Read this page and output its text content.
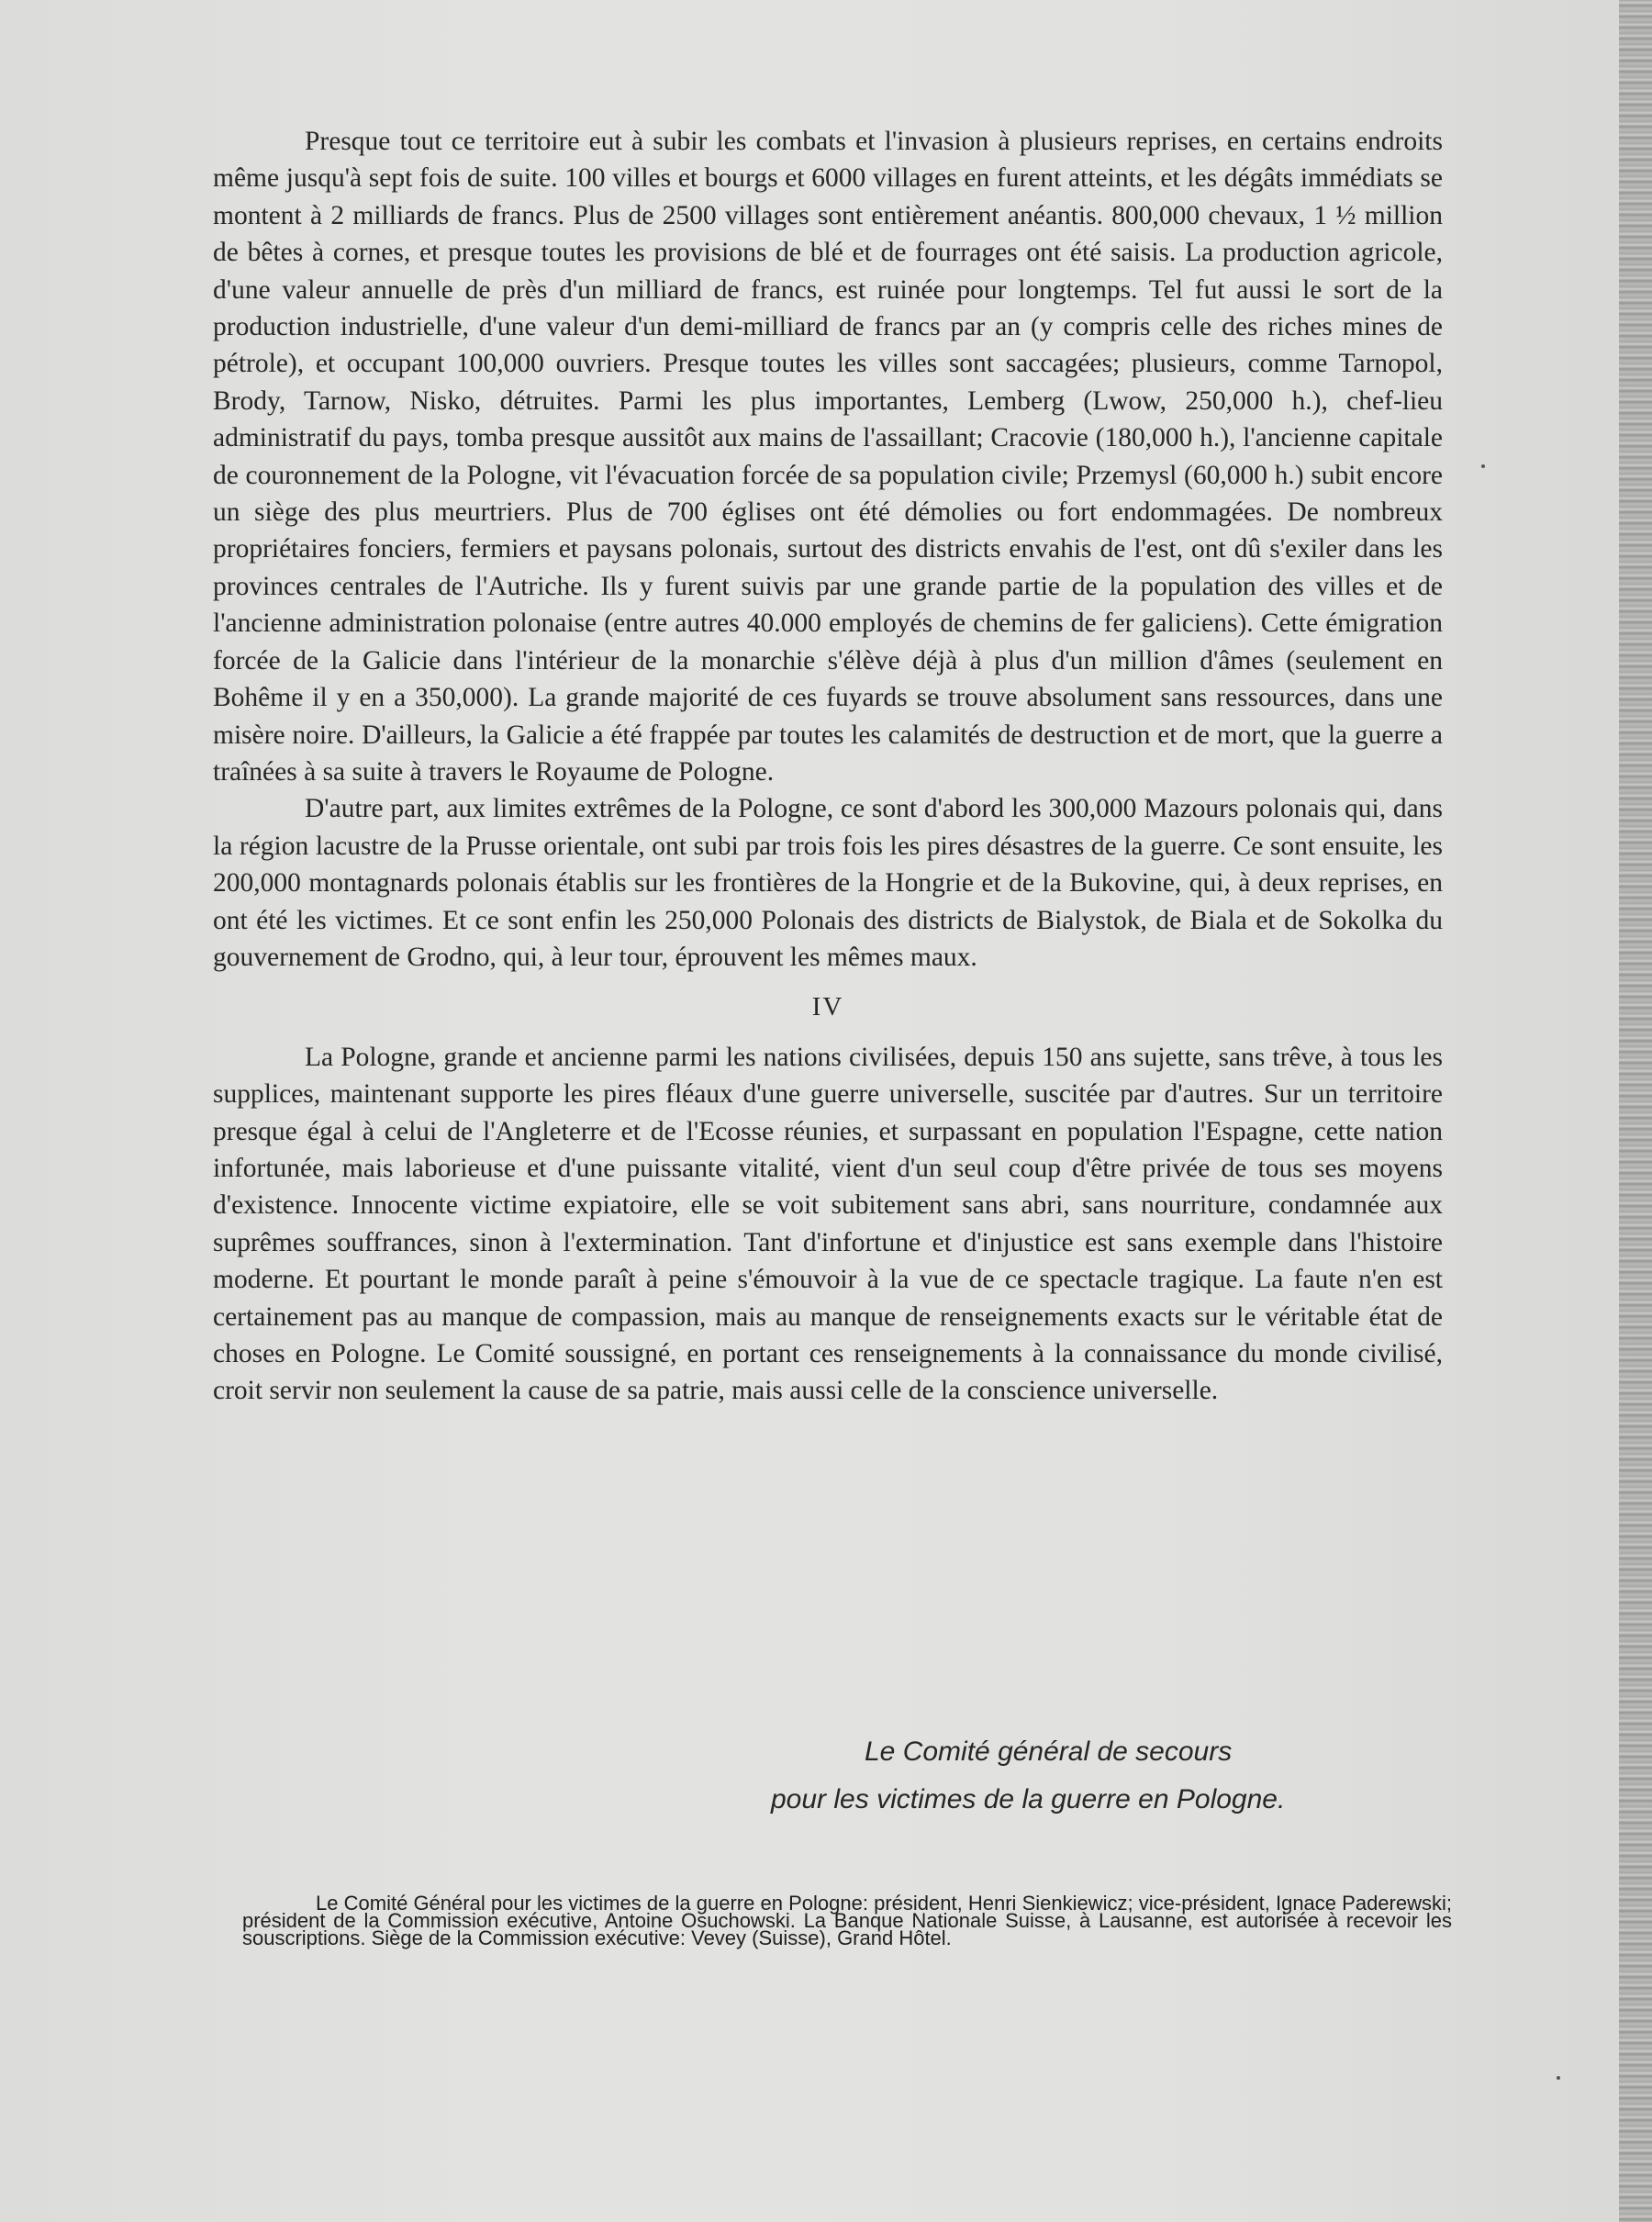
Presque tout ce territoire eut à subir les combats et l'invasion à plusieurs reprises, en certains endroits même jusqu'à sept fois de suite. 100 villes et bourgs et 6000 villages en furent atteints, et les dégâts immédiats se montent à 2 milliards de francs. Plus de 2500 villages sont entièrement anéantis. 800,000 chevaux, 1 ½ million de bêtes à cornes, et presque toutes les provisions de blé et de fourrages ont été saisis. La production agricole, d'une valeur annuelle de près d'un milliard de francs, est ruinée pour longtemps. Tel fut aussi le sort de la production industrielle, d'une valeur d'un demi-milliard de francs par an (y compris celle des riches mines de pétrole), et occupant 100,000 ouvriers. Presque toutes les villes sont saccagées; plusieurs, comme Tarnopol, Brody, Tarnow, Nisko, détruites. Parmi les plus importantes, Lemberg (Lwow, 250,000 h.), chef-lieu administratif du pays, tomba presque aussitôt aux mains de l'assaillant; Cracovie (180,000 h.), l'ancienne capitale de couronnement de la Pologne, vit l'évacuation forcée de sa population civile; Przemysl (60,000 h.) subit encore un siège des plus meurtriers. Plus de 700 églises ont été démolies ou fort endommagées. De nombreux propriétaires fonciers, fermiers et paysans polonais, surtout des districts envahis de l'est, ont dû s'exiler dans les provinces centrales de l'Autriche. Ils y furent suivis par une grande partie de la population des villes et de l'ancienne administration polonaise (entre autres 40.000 employés de chemins de fer galiciens). Cette émigration forcée de la Galicie dans l'intérieur de la monarchie s'élève déjà à plus d'un million d'âmes (seulement en Bohême il y en a 350,000). La grande majorité de ces fuyards se trouve absolument sans ressources, dans une misère noire. D'ailleurs, la Galicie a été frappée par toutes les calamités de destruction et de mort, que la guerre a traînées à sa suite à travers le Royaume de Pologne.

D'autre part, aux limites extrêmes de la Pologne, ce sont d'abord les 300,000 Mazours polonais qui, dans la région lacustre de la Prusse orientale, ont subi par trois fois les pires désastres de la guerre. Ce sont ensuite, les 200,000 montagnards polonais établis sur les frontières de la Hongrie et de la Bukovine, qui, à deux reprises, en ont été les victimes. Et ce sont enfin les 250,000 Polonais des districts de Bialystok, de Biala et de Sokolka du gouvernement de Grodno, qui, à leur tour, éprouvent les mêmes maux.

IV

La Pologne, grande et ancienne parmi les nations civilisées, depuis 150 ans sujette, sans trêve, à tous les supplices, maintenant supporte les pires fléaux d'une guerre universelle, suscitée par d'autres. Sur un territoire presque égal à celui de l'Angleterre et de l'Ecosse réunies, et surpassant en population l'Espagne, cette nation infortunée, mais laborieuse et d'une puissante vitalité, vient d'un seul coup d'être privée de tous ses moyens d'existence. Innocente victime expiatoire, elle se voit subitement sans abri, sans nourriture, condamnée aux suprêmes souffrances, sinon à l'extermination. Tant d'infortune et d'injustice est sans exemple dans l'histoire moderne. Et pourtant le monde paraît à peine s'émouvoir à la vue de ce spectacle tragique. La faute n'en est certainement pas au manque de compassion, mais au manque de renseignements exacts sur le véritable état de choses en Pologne. Le Comité soussigné, en portant ces renseignements à la connaissance du monde civilisé, croit servir non seulement la cause de sa patrie, mais aussi celle de la conscience universelle.

Le Comité général de secours
pour les victimes de la guerre en Pologne.
Le Comité Général pour les victimes de la guerre en Pologne: président, Henri Sienkiewicz; vice-président, Ignace Paderewski; président de la Commission exécutive, Antoine Osuchowski. La Banque Nationale Suisse, à Lausanne, est autorisée à recevoir les souscriptions. Siège de la Commission exécutive: Vevey (Suisse), Grand Hôtel.
